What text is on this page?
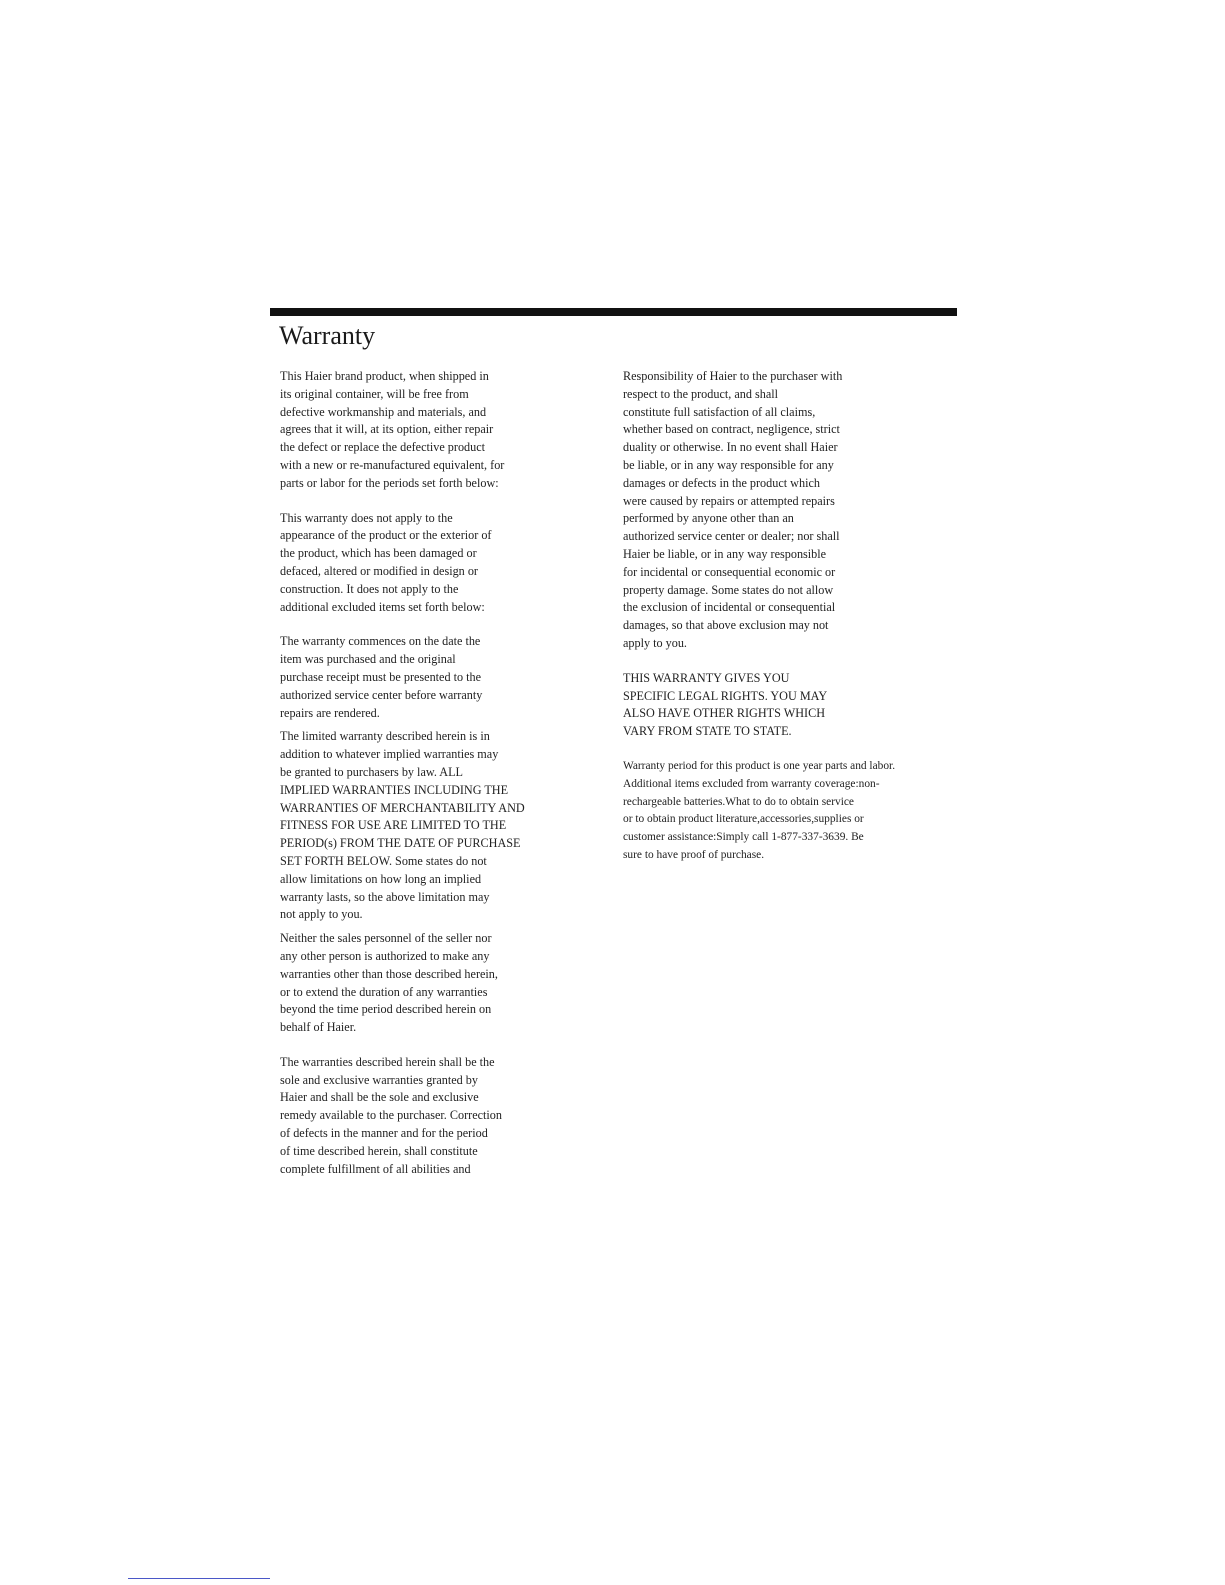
Warranty

This Haier brand product, when shipped in
its original container, will be free from
defective workmanship and materials, and
agrees that it will, at its option, either repair
the defect or replace the defective product
with a new or re-manufactured equivalent, for
parts or labor for the periods set forth below:

This warranty does not apply to the
appearance of the product or the exterior of
the product, which has been damaged or
defaced, altered or modified in design or
construction. It does not apply to the
additional excluded items set forth below:

The warranty commences on the date the
item was purchased and the original
purchase receipt must be presented to the
authorized service center before warranty
repairs are rendered.

The limited warranty described herein is in
addition to whatever implied warranties may
be granted to purchasers by law. ALL
IMPLIED WARRANTIES INCLUDING THE
WARRANTIES OF MERCHANTABILITY AND
FITNESS FOR USE ARE LIMITED TO THE
PERIOD(s) FROM THE DATE OF PURCHASE
SET FORTH BELOW. Some states do not
allow limitations on how long an implied
warranty lasts, so the above limitation may
not apply to you.

Neither the sales personnel of the seller nor
any other person is authorized to make any
warranties other than those described herein,
or to extend the duration of any warranties
beyond the time period described herein on
behalf of Haier.

The warranties described herein shall be the
sole and exclusive warranties granted by
Haier and shall be the sole and exclusive
remedy available to the purchaser. Correction
of defects in the manner and for the period
of time described herein, shall constitute
complete fulfillment of all abilities and

Responsibility of Haier to the purchaser with
respect to the product, and shall
constitute full satisfaction of all claims,
whether based on contract, negligence, strict
duality or otherwise. In no event shall Haier
be liable, or in any way responsible for any
damages or defects in the product which
were caused by repairs or attempted repairs
performed by anyone other than an
authorized service center or dealer; nor shall
Haier be liable, or in any way responsible
for incidental or consequential economic or
property damage. Some states do not allow
the exclusion of incidental or consequential
damages, so that above exclusion may not
apply to you.

THIS WARRANTY GIVES YOU
SPECIFIC LEGAL RIGHTS. YOU MAY
ALSO HAVE OTHER RIGHTS WHICH
VARY FROM STATE TO STATE.

Warranty period for this product is one year parts and labor.
Additional items excluded from warranty coverage:non-
rechargeable batteries.What to do to obtain service
or to obtain product literature,accessories,supplies or
customer assistance:Simply call 1-877-337-3639. Be
sure to have proof of purchase.
